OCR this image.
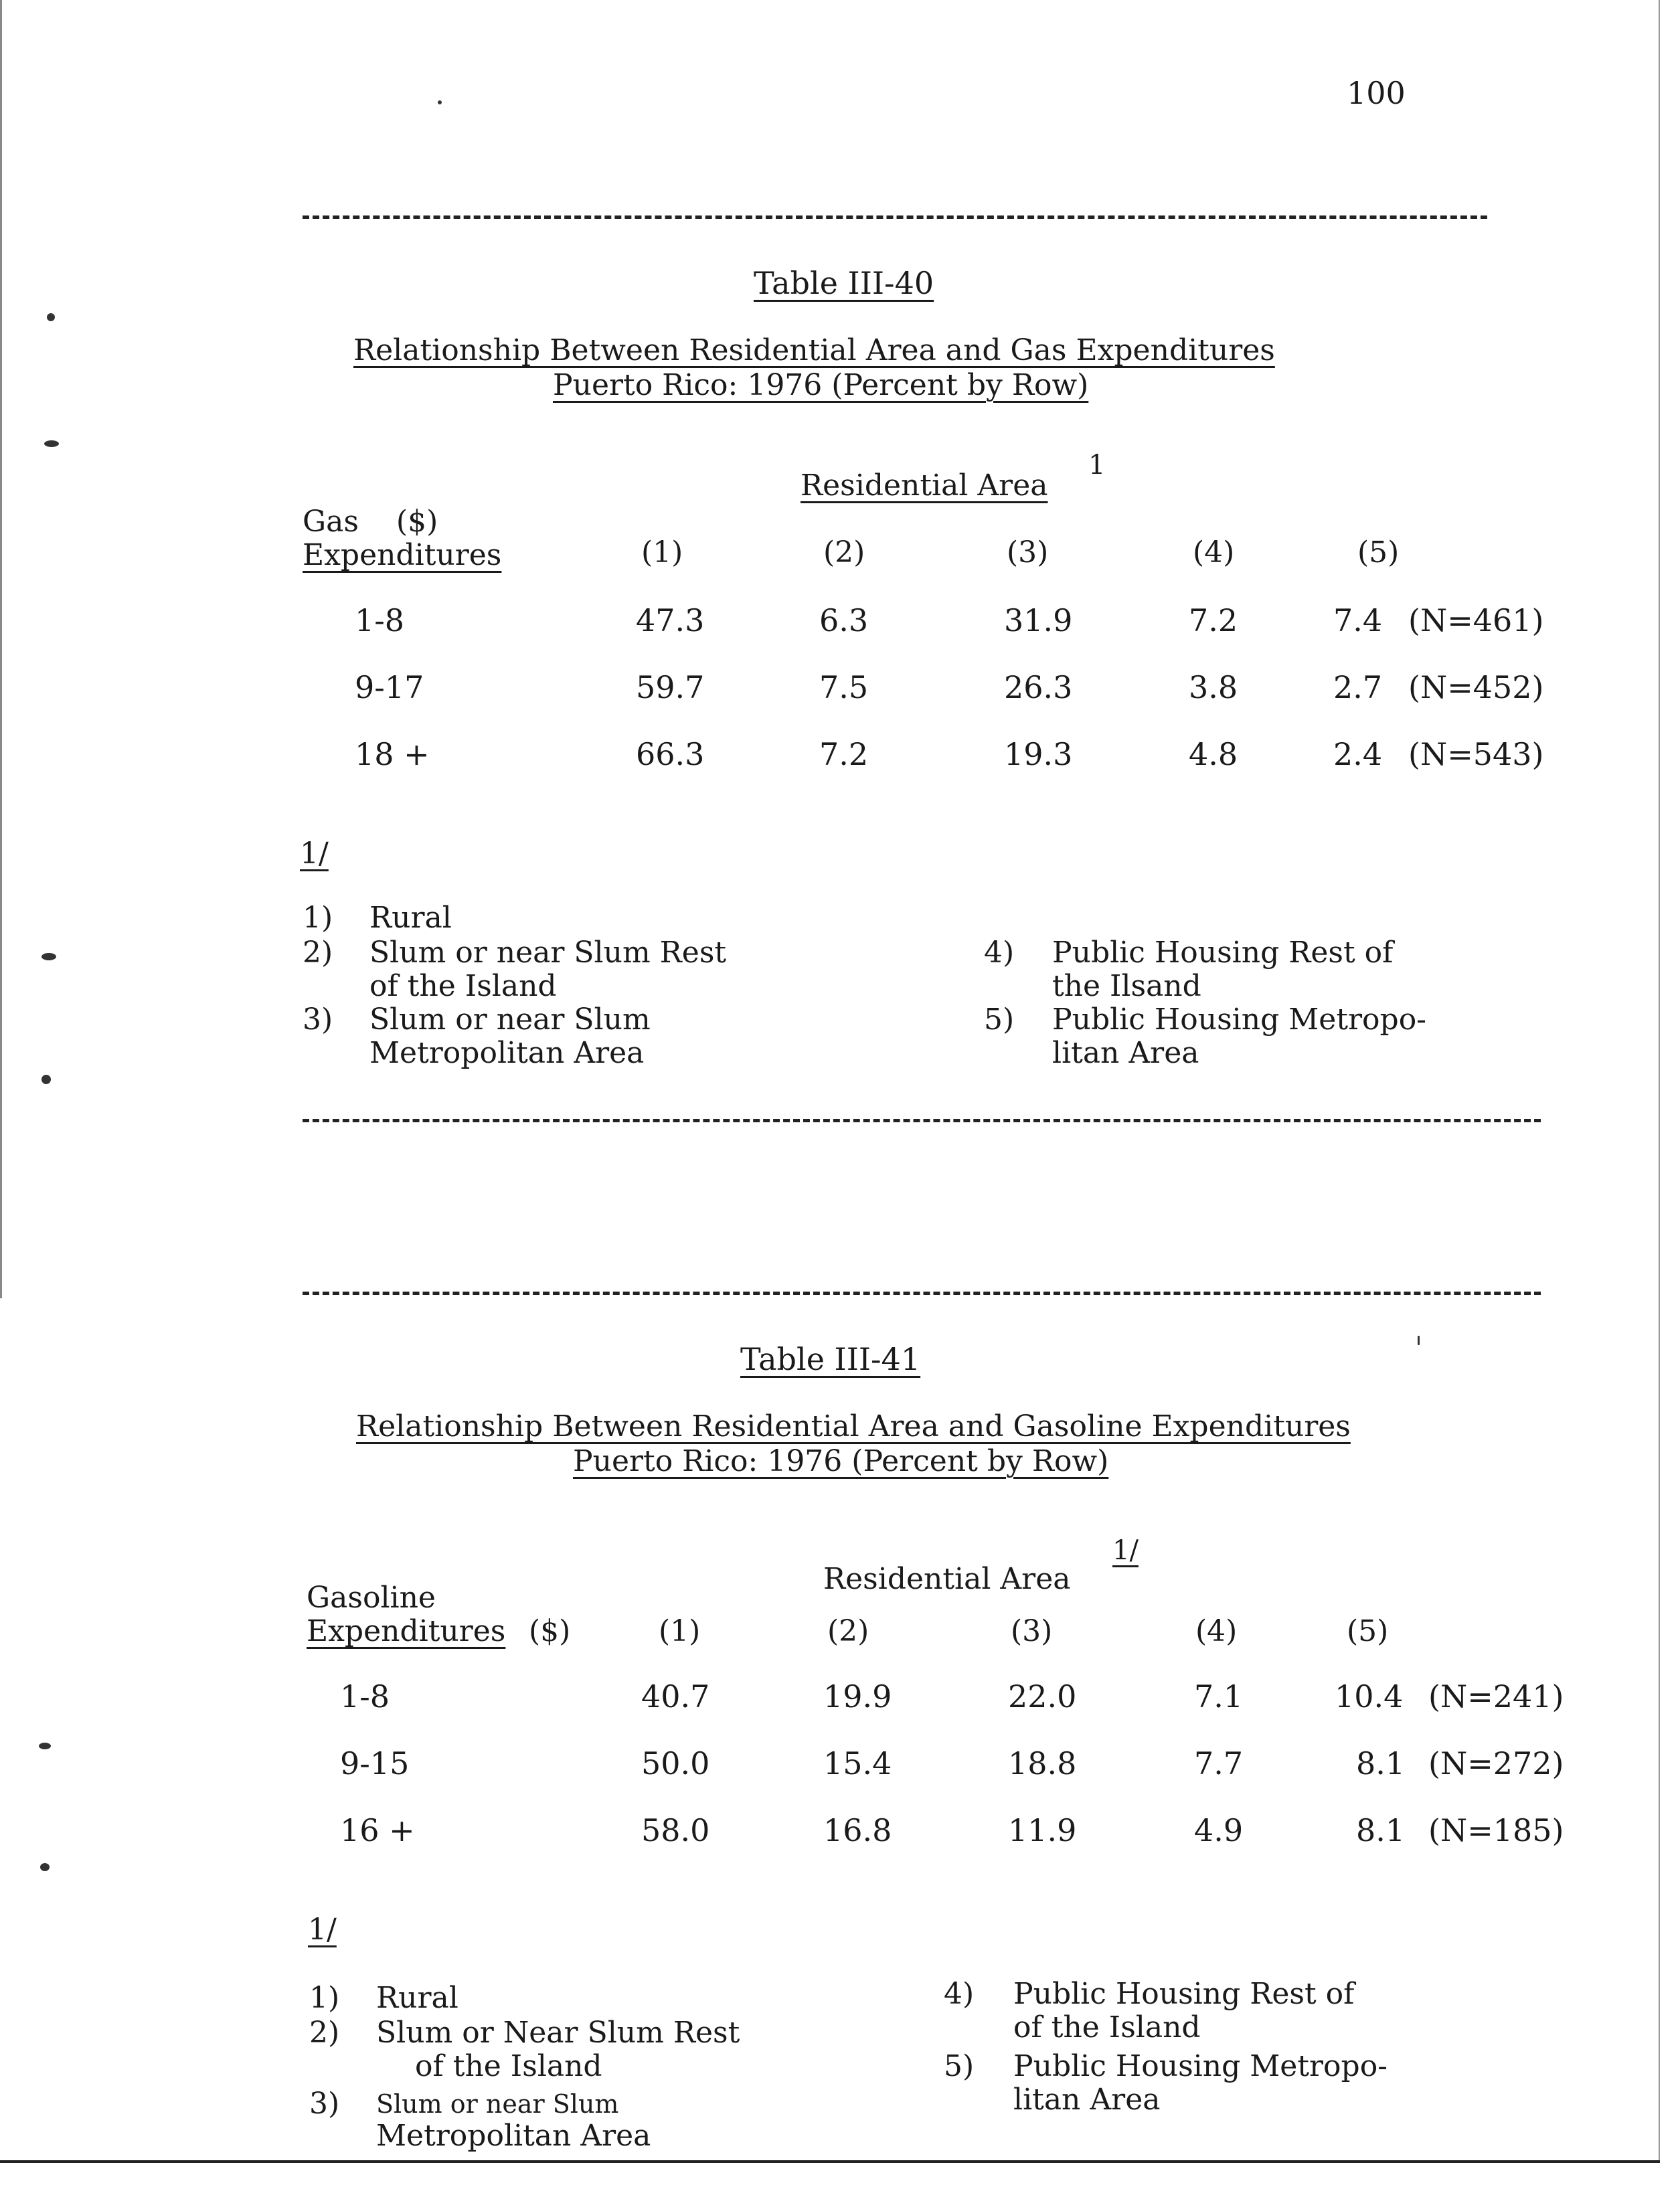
100
Table III-40
Relationship Between Residential Area and Gas Expenditures
Puerto Rico: 1976 (Percent by Row)
Residential Area
1
Gas    ($)
Expenditures	(1)	(2)	(3)	(4)	(5)
1-8	47.3	6.3	31.9	7.2	7.4 (N=461)
9-17	59.7	7.5	26.3	3.8	2.7 (N=452)
18 +	66.3	7.2	19.3	4.8	2.4 (N=543)
1/
1) Rural
2) Slum or near Slum Rest
of the Island
3) Slum or near Slum
Metropolitan Area
4) Public Housing Rest of
the Ilsand
5) Public Housing Metropo-
litan Area
Table III-41
Relationship Between Residential Area and Gasoline Expenditures
Puerto Rico: 1976 (Percent by Row)
Residential Area
1/
Gasoline
Expenditures ($)	(1)	(2)	(3)	(4)	(5)
1-8	40.7	19.9	22.0	7.1	10.4 (N=241)
9-15	50.0	15.4	18.8	7.7	8.1 (N=272)
16 +	58.0	16.8	11.9	4.9	8.1 (N=185)
1/
1) Rural
2) Slum or Near Slum Rest
of the Island
3) Slum or near Slum
Metropolitan Area
4) Public Housing Rest of
of the Island
5) Public Housing Metropo-
litan Area
